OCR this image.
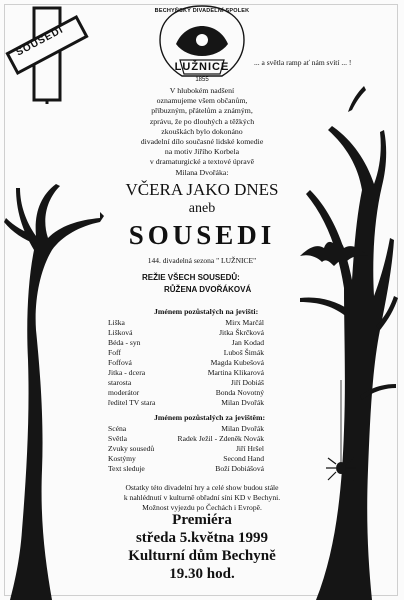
SOUSEDI
BECHYŇSKÝ DIVADELNÍ SPOLEK
LUŽNICE
1855
... a světla ramp ať nám svítí ... !
V hlubokém nadšení
oznamujeme všem občanům,
příbuzným, přátelům a známým,
zprávu, že po dlouhých a těžkých
zkouškách bylo dokonáno
divadelní dílo současné lidské komedie
na motiv Jiřího Korbela
v dramaturgické a textové úpravě
Milana Dvořáka:
VČERA JAKO DNES
aneb
SOUSEDI
144. divadelná sezona " LUŽNICE"
REŽIE VŠECH SOUSEDŮ:
RŮŽENA DVOŘÁKOVÁ
Jménem pozůstalých na jevišti:
Liška	Mirx Marčál
Lišková	Jitka Škrčková
Béda - syn	Jan Kodad
Foff	Luboš Šimák
Foffová	Magda Kubešová
Jitka - dcera	Martina Klikarová
starosta	Jiří Dobiáš
moderátor	Bonda Novotný
ředitel TV stara	Milan Dvořák
Jménem pozůstalých za jevištěm:
Scéna	Milan Dvořák
Světla	Radek Ježil - Zdeněk Novák
Zvuky sousedů	Jiří Hršel
Kostýmy	Second Hand
Text sleduje	Boží Dobiášová
Ostatky této divadelní hry a celé show budou stále
k nahlédnutí v kulturně obřadní síni KD v Bechyni.
Možnost vyjezdu po Čechách i Evropě.
Premiéra
středa 5.května 1999
Kulturní dům Bechyně
19.30 hod.
